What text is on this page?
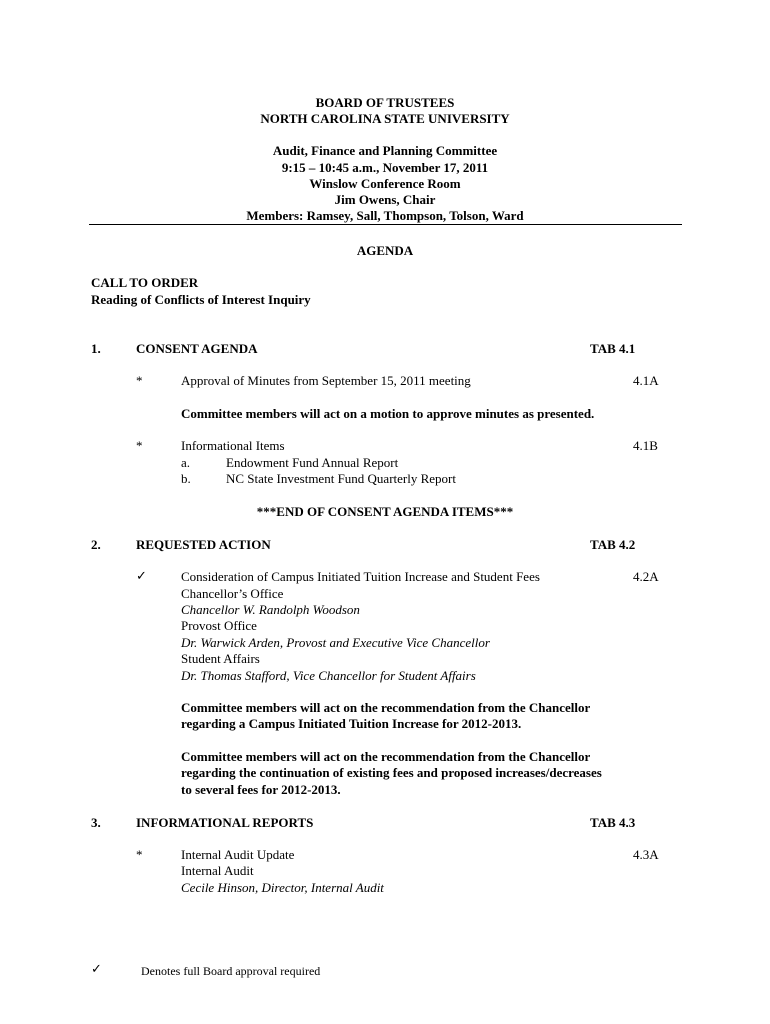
BOARD OF TRUSTEES
NORTH CAROLINA STATE UNIVERSITY
Audit, Finance and Planning Committee
9:15 – 10:45 a.m., November 17, 2011
Winslow Conference Room
Jim Owens, Chair
Members: Ramsey, Sall, Thompson, Tolson, Ward
AGENDA
CALL TO ORDER
Reading of Conflicts of Interest Inquiry
1.	CONSENT AGENDA	TAB 4.1
*	Approval of Minutes from September 15, 2011 meeting	4.1A
Committee members will act on a motion to approve minutes as presented.
*	Informational Items	4.1B
a.	Endowment Fund Annual Report
b.	NC State Investment Fund Quarterly Report
***END OF CONSENT AGENDA ITEMS***
2.	REQUESTED ACTION	TAB 4.2
✓	Consideration of Campus Initiated Tuition Increase and Student Fees	4.2A
Chancellor’s Office
Chancellor W. Randolph Woodson
Provost Office
Dr. Warwick Arden, Provost and Executive Vice Chancellor
Student Affairs
Dr. Thomas Stafford, Vice Chancellor for Student Affairs
Committee members will act on the recommendation from the Chancellor
regarding a Campus Initiated Tuition Increase for 2012-2013.
Committee members will act on the recommendation from the Chancellor
regarding the continuation of existing fees and proposed increases/decreases
to several fees for 2012-2013.
3.	INFORMATIONAL REPORTS	TAB 4.3
*	Internal Audit Update	4.3A
Internal Audit
Cecile Hinson, Director, Internal Audit
✓	Denotes full Board approval required
